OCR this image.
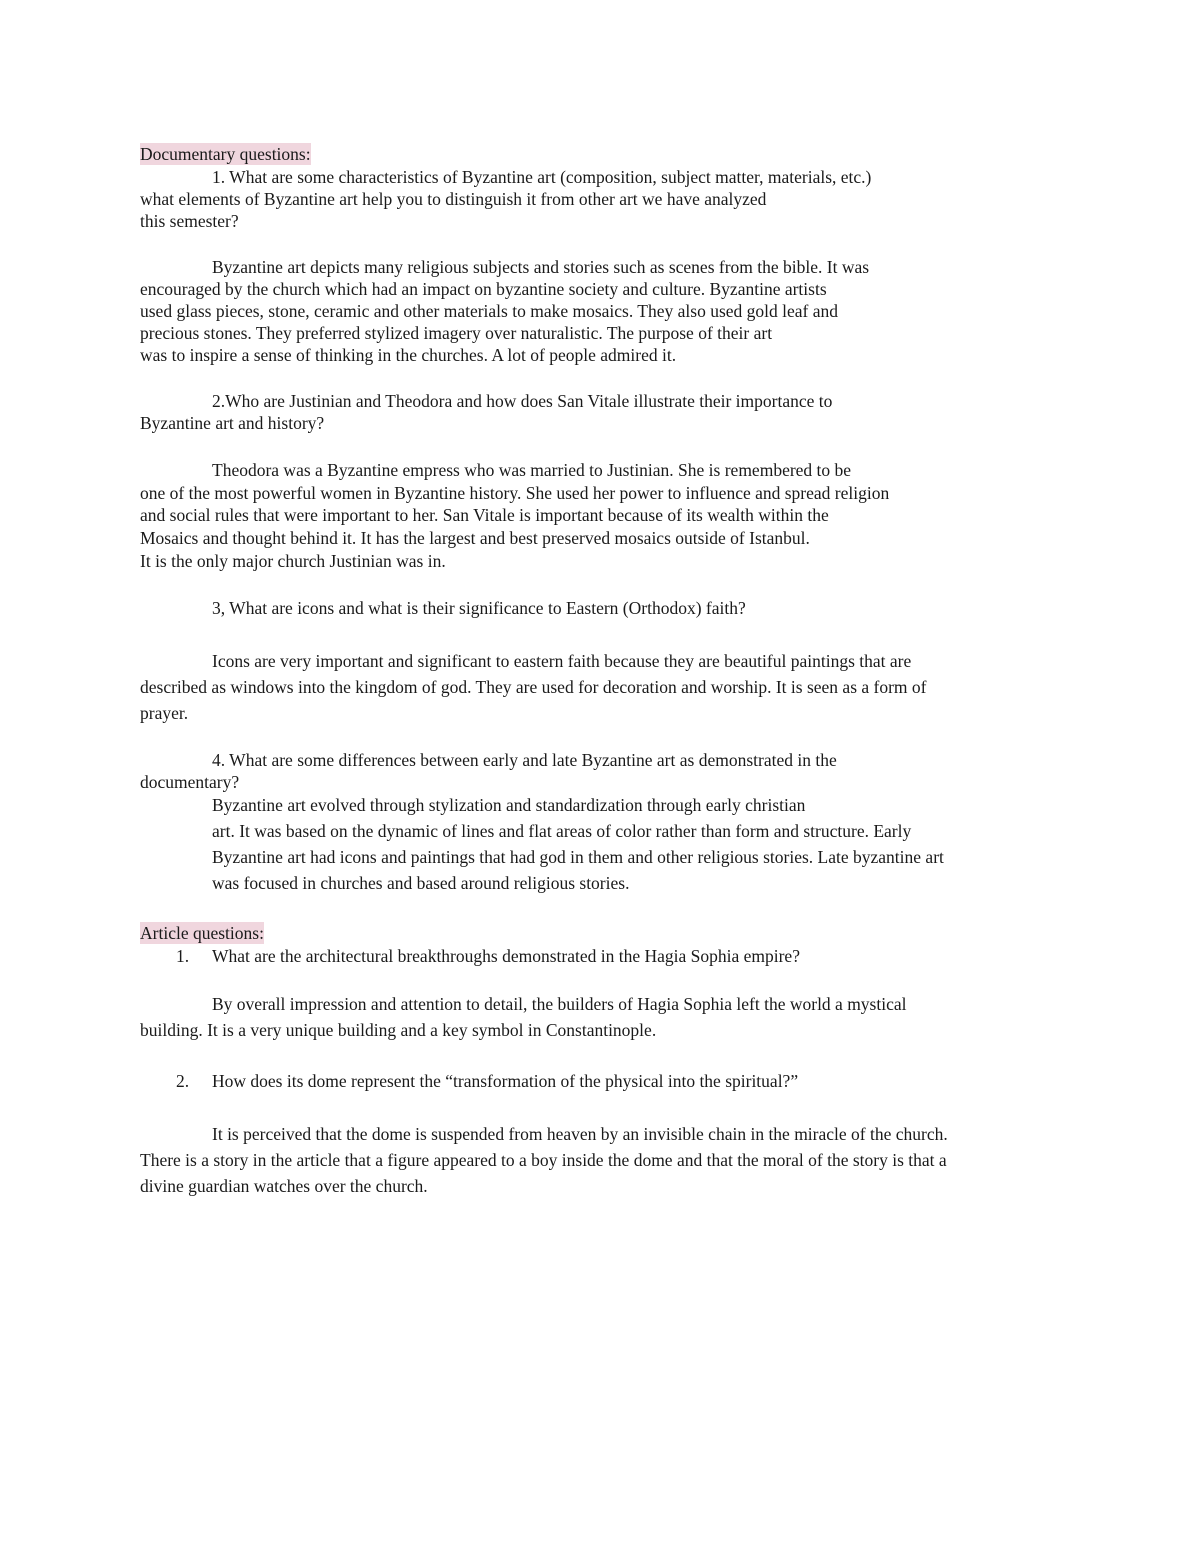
Documentary questions:
1. What are some characteristics of Byzantine art (composition, subject matter, materials, etc.)
what elements of Byzantine art help you to distinguish it from other art we have analyzed
this semester?
Byzantine art depicts many religious subjects and stories such as scenes from the bible. It was
encouraged by the church which had an impact on byzantine society and culture. Byzantine artists
used glass pieces, stone, ceramic and other materials to make mosaics. They also used gold leaf and
precious stones. They preferred stylized imagery over naturalistic. The purpose of their art
was to inspire a sense of thinking in the churches. A lot of people admired it.
2.Who are Justinian and Theodora and how does San Vitale illustrate their importance to
Byzantine art and history?
Theodora was a Byzantine empress who was married to Justinian. She is remembered to be
one of the most powerful women in Byzantine history. She used her power to influence and spread religion
and social rules that were important to her. San Vitale is important because of its wealth within the
Mosaics and thought behind it. It has the largest and best preserved mosaics outside of Istanbul.
It is the only major church Justinian was in.
3, What are icons and what is their significance to Eastern (Orthodox) faith?
Icons are very important and significant to eastern faith because they are beautiful paintings that are
described as windows into the kingdom of god. They are used for decoration and worship. It is seen as a form of
prayer.
4. What are some differences between early and late Byzantine art as demonstrated in the
documentary?
Byzantine art evolved through stylization and standardization through early christian
art. It was based on the dynamic of lines and flat areas of color rather than form and structure. Early
Byzantine art had icons and paintings that had god in them and other religious stories. Late byzantine art
was focused in churches and based around religious stories.
Article questions:
1. What are the architectural breakthroughs demonstrated in the Hagia Sophia empire?
By overall impression and attention to detail, the builders of Hagia Sophia left the world a mystical
building. It is a very unique building and a key symbol in Constantinople.
2. How does its dome represent the “transformation of the physical into the spiritual?”
It is perceived that the dome is suspended from heaven by an invisible chain in the miracle of the church.
There is a story in the article that a figure appeared to a boy inside the dome and that the moral of the story is that a
divine guardian watches over the church.
